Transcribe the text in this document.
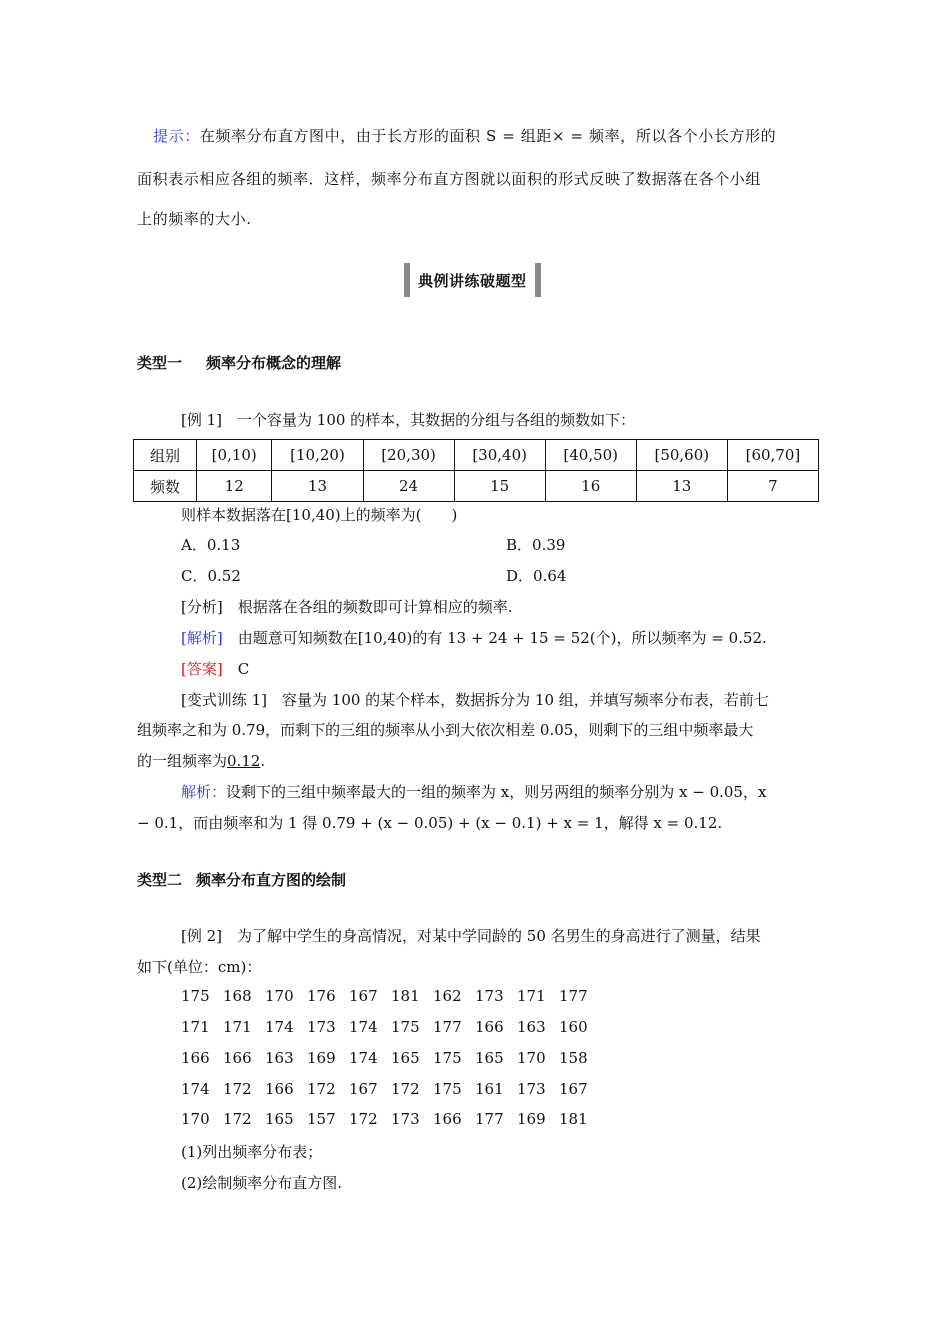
提示：在频率分布直方图中，由于长方形的面积 S = 组距× = 频率，所以各个小长方形的
面积表示相应各组的频率．这样，频率分布直方图就以面积的形式反映了数据落在各个小组
上的频率的大小.
典例讲练破题型
类型一 频率分布概念的理解
[例 1]　一个容量为 100 的样本，其数据的分组与各组的频数如下：
组别	[0,10)	[10,20)	[20,30)	[30,40)	[40,50)	[50,60)	[60,70]
频数	12	13	24	15	16	13	7
则样本数据落在[10,40)上的频率为(　　)
A．0.13	B．0.39
C．0.52	D．0.64
[分析]　根据落在各组的频数即可计算相应的频率.
[解析]　由题意可知频数在[10,40)的有 13 + 24 + 15 = 52(个)，所以频率为 = 0.52.
[答案]　C
[变式训练 1]　容量为 100 的某个样本，数据拆分为 10 组，并填写频率分布表，若前七
组频率之和为 0.79，而剩下的三组的频率从小到大依次相差 0.05，则剩下的三组中频率最大
的一组频率为0.12.
解析：设剩下的三组中频率最大的一组的频率为 x，则另两组的频率分别为 x − 0.05，x
− 0.1，而由频率和为 1 得 0.79 + (x − 0.05) + (x − 0.1) + x = 1，解得 x = 0.12.
类型二 频率分布直方图的绘制
[例 2]　为了解中学生的身高情况，对某中学同龄的 50 名男生的身高进行了测量，结果
如下(单位：cm)：
175 168 170 176 167 181 162 173 171 177
171 171 174 173 174 175 177 166 163 160
166 166 163 169 174 165 175 165 170 158
174 172 166 172 167 172 175 161 173 167
170 172 165 157 172 173 166 177 169 181
(1)列出频率分布表；
(2)绘制频率分布直方图.
